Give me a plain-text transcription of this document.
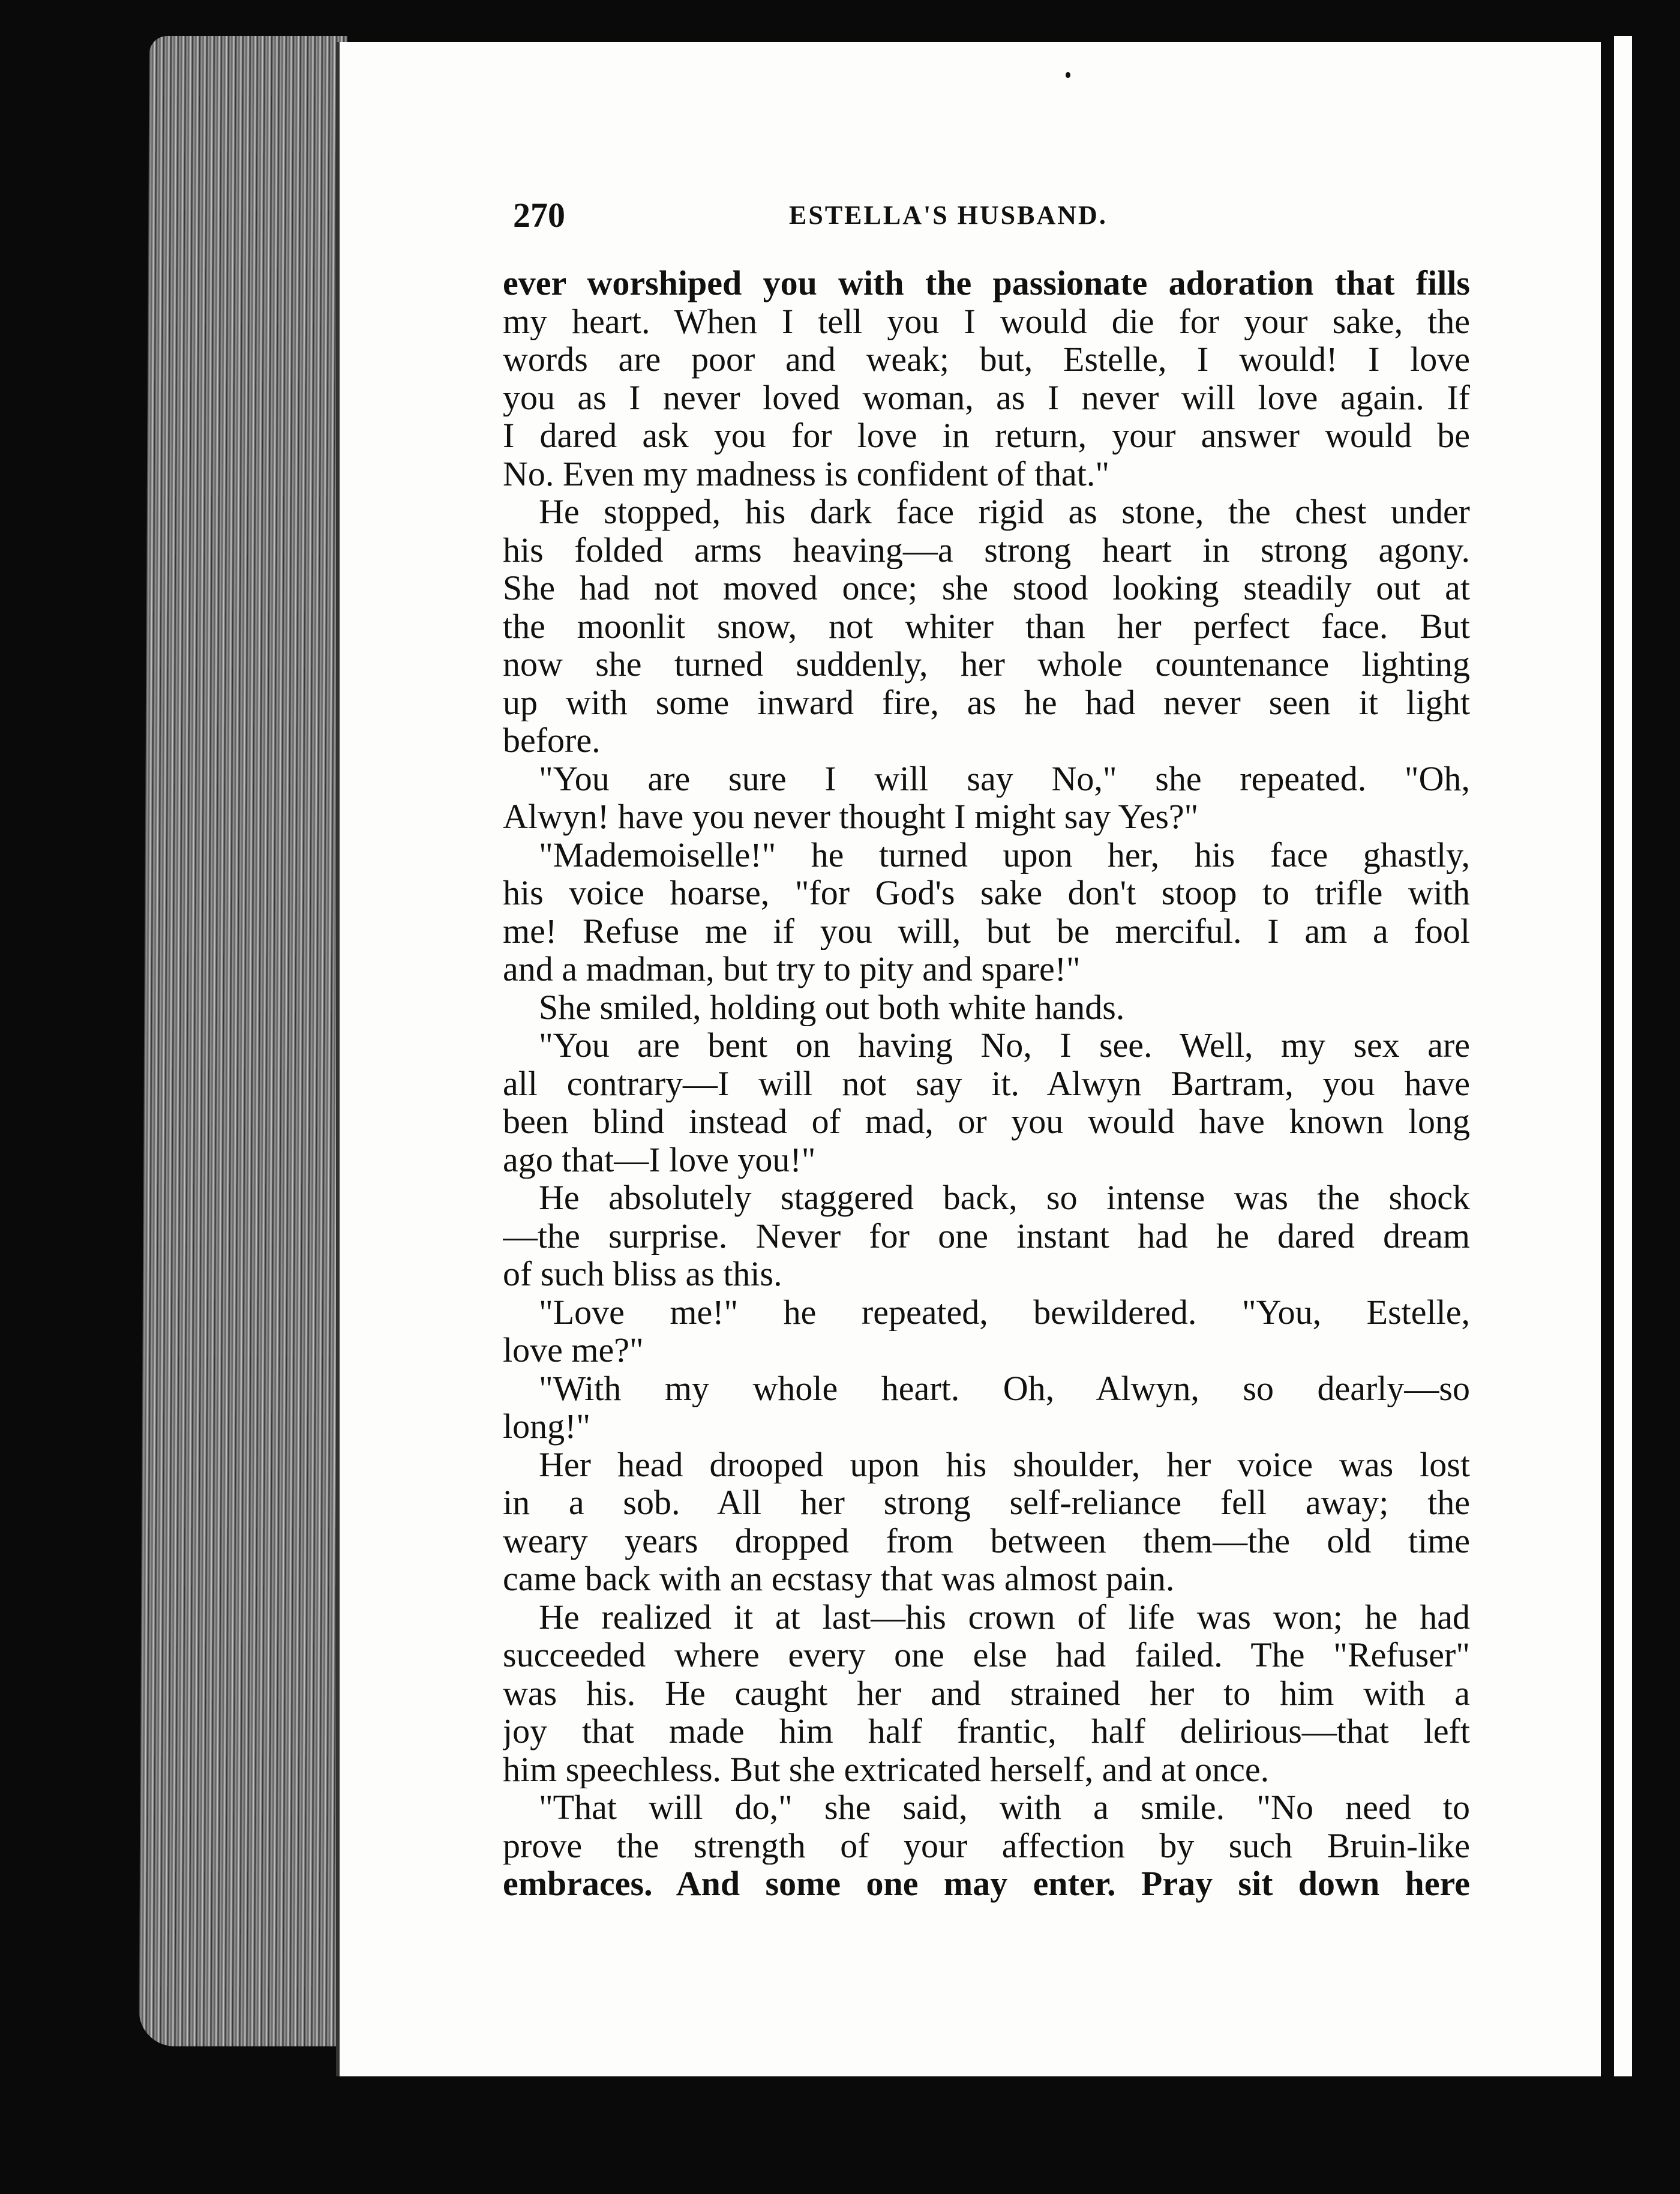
270	ESTELLA'S HUSBAND.
ever worshiped you with the passionate adoration that fills
my heart. When I tell you I would die for your sake, the
words are poor and weak; but, Estelle, I would! I love
you as I never loved woman, as I never will love again. If
I dared ask you for love in return, your answer would be
No. Even my madness is confident of that."
He stopped, his dark face rigid as stone, the chest under
his folded arms heaving—a strong heart in strong agony.
She had not moved once; she stood looking steadily out at
the moonlit snow, not whiter than her perfect face. But
now she turned suddenly, her whole countenance lighting
up with some inward fire, as he had never seen it light
before.
"You are sure I will say No," she repeated. "Oh,
Alwyn! have you never thought I might say Yes?"
"Mademoiselle!" he turned upon her, his face ghastly,
his voice hoarse, "for God's sake don't stoop to trifle with
me! Refuse me if you will, but be merciful. I am a fool
and a madman, but try to pity and spare!"
She smiled, holding out both white hands.
"You are bent on having No, I see. Well, my sex are
all contrary—I will not say it. Alwyn Bartram, you have
been blind instead of mad, or you would have known long
ago that—I love you!"
He absolutely staggered back, so intense was the shock
—the surprise. Never for one instant had he dared dream
of such bliss as this.
"Love me!" he repeated, bewildered. "You, Estelle,
love me?"
"With my whole heart. Oh, Alwyn, so dearly—so
long!"
Her head drooped upon his shoulder, her voice was lost
in a sob. All her strong self-reliance fell away; the
weary years dropped from between them—the old time
came back with an ecstasy that was almost pain.
He realized it at last—his crown of life was won; he had
succeeded where every one else had failed. The "Refuser"
was his. He caught her and strained her to him with a
joy that made him half frantic, half delirious—that left
him speechless. But she extricated herself, and at once.
"That will do," she said, with a smile. "No need to
prove the strength of your affection by such Bruin-like
embraces. And some one may enter. Pray sit down here
